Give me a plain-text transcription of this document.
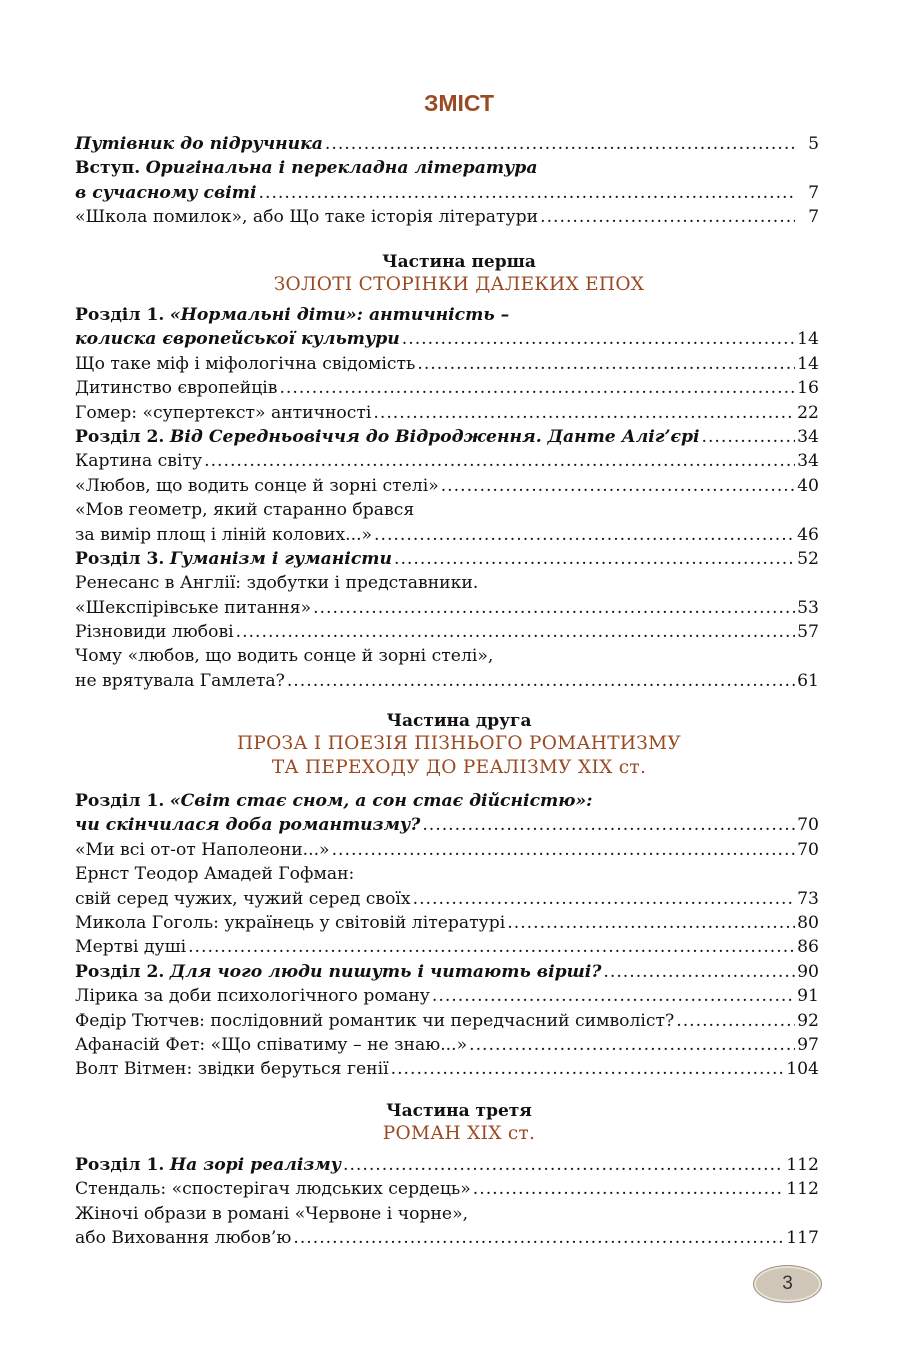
ЗМІСТ
Путівник до підручника .....	5
Вступ. Оригінальна і перекладна література
в сучасному світі .....	7
«Школа помилок», або Що таке історія літератури .....	7
Частина перша
ЗОЛОТІ СТОРІНКИ ДАЛЕКИХ ЕПОХ
Розділ 1. «Нормальні діти»: античність –
колиска європейської культури .....	14
Що таке міф і міфологічна свідомість .....	14
Дитинство європейців .....	16
Гомер: «супертекст» античності .....	22
Розділ 2. Від Середньовіччя до Відродження. Данте Аліг’єрі .....	34
Картина світу .....	34
«Любов, що водить сонце й зорні стелі» .....	40
«Мов геометр, який старанно брався
за вимір площ і ліній колових...» .....	46
Розділ 3. Гуманізм і гуманісти .....	52
Ренесанс в Англії: здобутки і представники.
«Шекспірівське питання» .....	53
Різновиди любові .....	57
Чому «любов, що водить сонце й зорні стелі»,
не врятувала Гамлета? .....	61
Частина друга
ПРОЗА І ПОЕЗІЯ ПІЗНЬОГО РОМАНТИЗМУ
ТА ПЕРЕХОДУ ДО РЕАЛІЗМУ XIX ст.
Розділ 1. «Світ стає сном, а сон стає дійсністю»:
чи скінчилася доба романтизму? .....	70
«Ми всі от-от Наполеони...» .....	70
Ернст Теодор Амадей Гофман:
свій серед чужих, чужий серед своїх .....	73
Микола Гоголь: українець у світовій літературі .....	80
Мертві душі .....	86
Розділ 2. Для чого люди пишуть і читають вірші? .....	90
Лірика за доби психологічного роману .....	91
Федір Тютчев: послідовний романтик чи передчасний символіст? .....	92
Афанасій Фет: «Що співатиму – не знаю...» .....	97
Волт Вітмен: звідки беруться генії .....	104
Частина третя
РОМАН XIX ст.
Розділ 1. На зорі реалізму .....	112
Стендаль: «спостерігач людських сердець» .....	112
Жіночі образи в романі «Червоне і чорне»,
або Виховання любов’ю .....	117
3
